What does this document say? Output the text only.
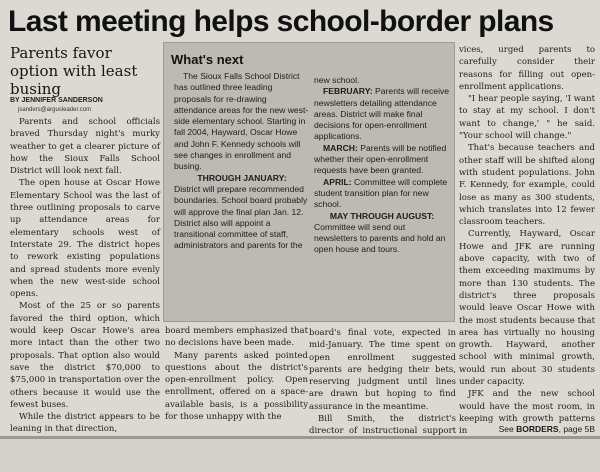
Last meeting helps school-border plans
Parents favor option with least busing
BY JENNIFER SANDERSON
jsanders@argusleader.com

Parents and school officials braved Thursday night's murky weather to get a clearer picture of how the Sioux Falls School District will look next fall.

The open house at Oscar Howe Elementary School was the last of three outlining proposals to carve up attendance areas for elementary schools west of Interstate 29. The district hopes to rework existing populations and spread students more evenly when the new west-side school opens.

Most of the 25 or so parents favored the third option, which would keep Oscar Howe's area more intact than the other two proposals. That option also would save the district $70,000 to $75,000 in transportation over the others because it would use the fewest buses.

While the district appears to be leaning in that direction,

What's next

The Sioux Falls School District has outlined three leading proposals for re-drawing attendance areas for the new west-side elementary school. Starting in fall 2004, Hayward, Oscar Howe and John F. Kennedy schools will see changes in enrollment and busing.

THROUGH JANUARY:

District will prepare recommended boundaries. School board probably will approve the final plan Jan. 12. District also will appoint a transitional committee of staff, administrators and parents for the

new school.

FEBRUARY: Parents will receive newsletters detailing attendance areas. District will make final decisions for open-enrollment applications.

MARCH: Parents will be notified whether their open-enrollment requests have been granted.

APRIL: Committee will complete student transition plan for new school.

MAY THROUGH AUGUST:

Committee will send out newsletters to parents and hold an open house and tours.

board members emphasized that no decisions have been made.

Many parents asked pointed questions about the district's open-enrollment policy. Open enrollment, offered on a space-available basis, is a possibility for those unhappy with the

board's final vote, expected in mid-January. The time spent on open enrollment suggested parents are hedging their bets, reserving judgment until lines are drawn but hoping to find assurance in the meantime.

Bill Smith, the district's director of instructional support

vices, urged parents to carefully consider their reasons for filling out open-enrollment applications.

"I hear people saying, 'I want to stay at my school. I don't want to change,' " he said. "Your school will change."

That's because teachers and other staff will be shifted along with student populations. John F. Kennedy, for example, could lose as many as 300 students, which translates into 12 fewer classroom teachers.

Currently, Hayward, Oscar Howe and JFK are running above capacity, with two of them exceeding maximums by more than 130 students. The district's three proposals would leave Oscar Howe with the most students because that area has virtually no housing growth. Hayward, another school with minimal growth, would run about 30 students under capacity.

JFK and the new school would have the most room, in keeping with growth patterns in	See BORDERS, page 5B
